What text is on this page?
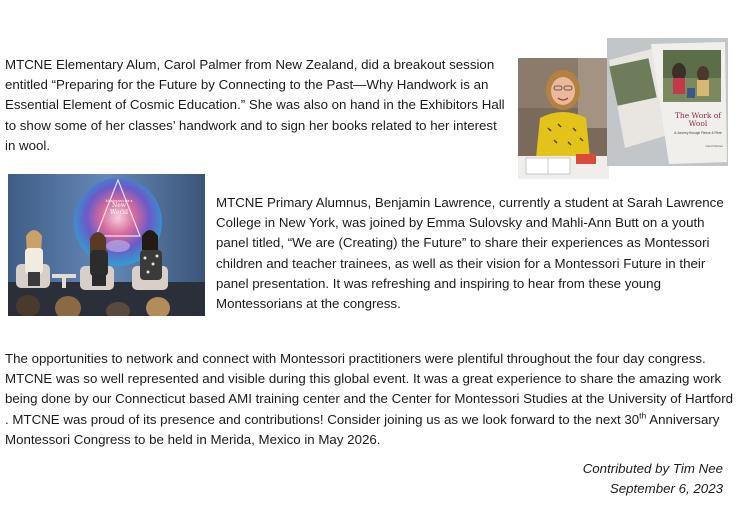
MTCNE Elementary Alum, Carol Palmer from New Zealand, did a breakout session entitled “Preparing for the Future by Connecting to the Past—Why Handwork is an Essential Element of Cosmic Education.” She was also on hand in the Exhibitors Hall to show some of her classes’ handwork and to sign her books related to her interest in wool.

The Work of Wool
A Journey through Fleece & Fibre
Carol Palmer
Montessori for a
New
World

MTCNE Primary Alumnus, Benjamin Lawrence, currently a student at Sarah Lawrence College in New York, was joined by Emma Sulovsky and Mahli-Ann Butt on a youth panel titled, “We are (Creating) the Future” to share their experiences as Montessori children and teacher trainees, as well as their vision for a Montessori Future in their panel presentation. It was refreshing and inspiring to hear from these young Montessorians at the congress.

The opportunities to network and connect with Montessori practitioners were plentiful throughout the four day congress. MTCNE was so well represented and visible during this global event. It was a great experience to share the amazing work being done by our Connecticut based AMI training center and the Center for Montessori Studies at the University of Hartford . MTCNE was proud of its presence and contributions! Consider joining us as we look forward to the next 30th Anniversary Montessori Congress to be held in Merida, Mexico in May 2026.

Contributed by Tim Nee
September 6, 2023
